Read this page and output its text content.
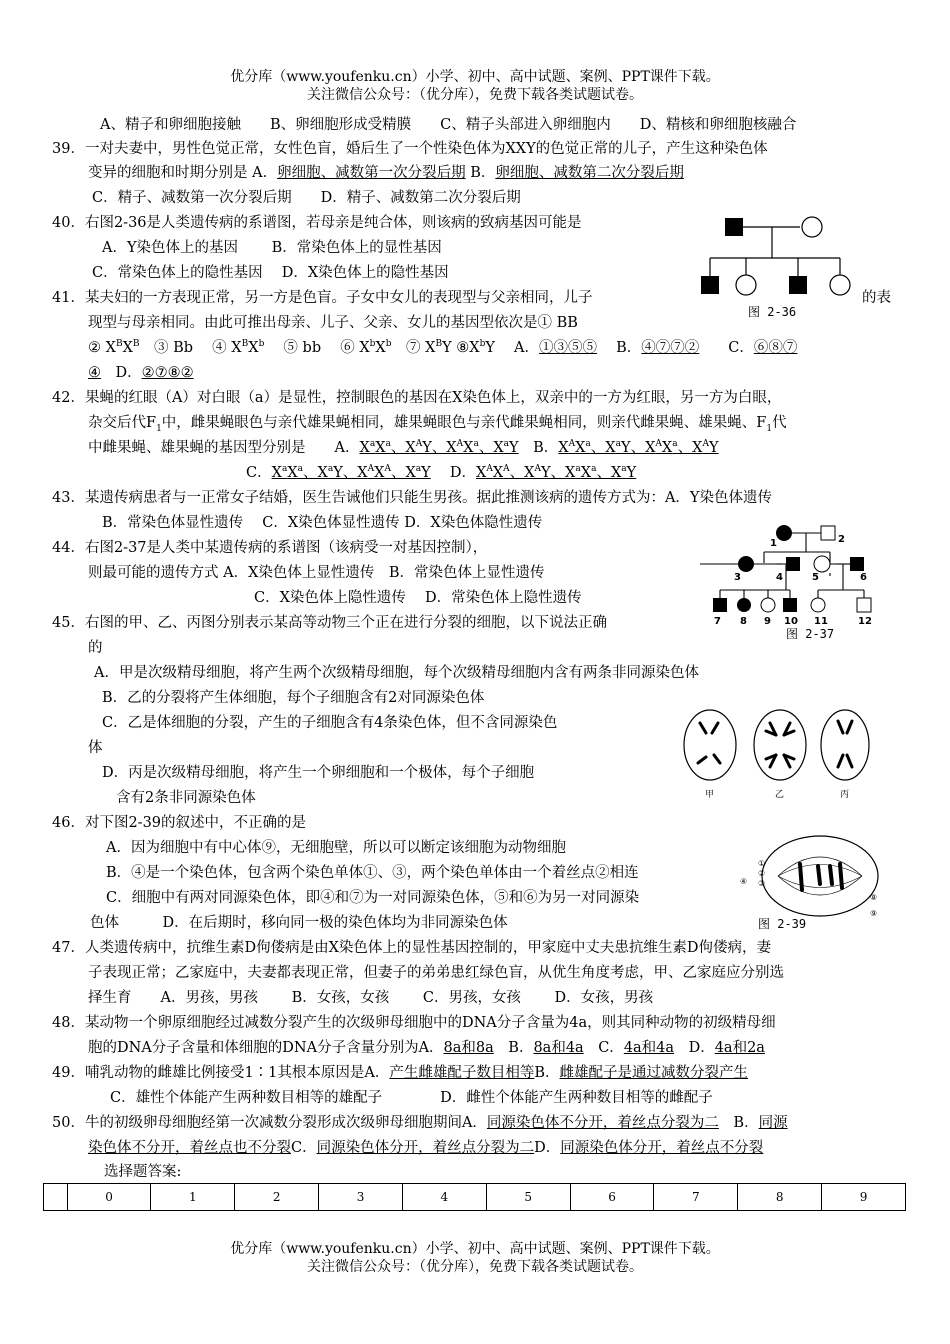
优分库（www.youfenku.cn）小学、初中、高中试题、案例、PPT课件下载。
关注微信公众号：（优分库），免费下载各类试题试卷。
A、精子和卵细胞接触　　B、卵细胞形成受精膜　　C、精子头部进入卵细胞内　　D、精核和卵细胞核融合
39．一对夫妻中，男性色觉正常，女性色盲，婚后生了一个性染色体为XXY的色觉正常的儿子，产生这种染色体
变异的细胞和时期分别是 A．卵细胞、减数第一次分裂后期 B．卵细胞、减数第二次分裂后期
C．精子、减数第一次分裂后期　　D．精子、减数第二次分裂后期
40．右图2-36是人类遗传病的系谱图，若母亲是纯合体，则该病的致病基因可能是
A．Y染色体上的基因　　 B．常染色体上的显性基因
C．常染色体上的隐性基因　 D．X染色体上的隐性基因
41．某夫妇的一方表现正常，另一方是色盲。子女中女儿的表现型与父亲相同，儿子	的表
现型与母亲相同。由此可推出母亲、儿子、父亲、女儿的基因型依次是① BB
② $X^BX^B$　③ Bb　 ④ $X^BX^b$　 ⑤ bb　 ⑥ $X^bX^b$　⑦ $X^BY$ $⑧X^bY$　 A．①③⑤⑤　 B．④⑦⑦②　　C．⑥⑧⑦
④　D．②⑦⑧②
42．果蝇的红眼（A）对白眼（a）是显性，控制眼色的基因在X染色体上，双亲中的一方为红眼，另一方为白眼，
杂交后代$F_1$中，雌果蝇眼色与亲代雄果蝇相同，雄果蝇眼色与亲代雌果蝇相同，则亲代雌果蝇、雄果蝇、$F_1$代
中雌果蝇、雄果蝇的基因型分别是　　A．$X^aX^a$、$X^AY$、$X^AX^a$、$X^aY$　B．$X^AX^a$、$X^aY$、$X^AX^a$、$X^AY$
C．$X^aX^a$、$X^aY$、$X^AX^A$、$X^aY$　 D．$X^AX^A$、$X^AY$、$X^aX^a$、$X^aY$
43．某遗传病患者与一正常女子结婚，医生告诫他们只能生男孩。据此推测该病的遗传方式为：A．Y染色体遗传
B．常染色体显性遗传　 C．X染色体显性遗传 D．X染色体隐性遗传
44．右图2-37是人类中某遗传病的系谱图（该病受一对基因控制），
则最可能的遗传方式 A．X染色体上显性遗传　B．常染色体上显性遗传
C．X染色体上隐性遗传　 D．常染色体上隐性遗传
45．右图的甲、乙、丙图分别表示某高等动物三个正在进行分裂的细胞，以下说法正确
的
A．甲是次级精母细胞，将产生两个次级精母细胞，每个次级精母细胞内含有两条非同源染色体
B．乙的分裂将产生体细胞，每个子细胞含有2对同源染色体
C．乙是体细胞的分裂，产生的子细胞含有4条染色体，但不含同源染色
体
D．丙是次级精母细胞，将产生一个卵细胞和一个极体，每个子细胞
含有2条非同源染色体
46．对下图2-39的叙述中，不正确的是
A．因为细胞中有中心体⑨，无细胞壁，所以可以断定该细胞为动物细胞
B．④是一个染色体，包含两个染色单体①、③，两个染色单体由一个着丝点②相连
C．细胞中有两对同源染色体，即④和⑦为一对同源染色体，⑤和⑥为另一对同源染
色体　　　D．在后期时，移向同一极的染色体均为非同源染色体
47．人类遗传病中，抗维生素D佝偻病是由X染色体上的显性基因控制的，甲家庭中丈夫患抗维生素D佝偻病，妻
子表现正常；乙家庭中，夫妻都表现正常，但妻子的弟弟患红绿色盲，从优生角度考虑，甲、乙家庭应分别选
择生育　　A．男孩，男孩　　 B．女孩，女孩　　 C．男孩，女孩　　 D．女孩，男孩
48．某动物一个卵原细胞经过减数分裂产生的次级卵母细胞中的DNA分子含量为4a，则其同种动物的初级精母细
胞的DNA分子含量和体细胞的DNA分子含量分别为A．8a和8a　 B．8a和4a　 C．4a和4a　 D．4a和2a
49．哺乳动物的雌雄比例接受1∶1其根本原因是A．产生雌雄配子数目相等B．雌雄配子是通过减数分裂产生
C．雄性个体能产生两种数目相等的雄配子　　　　D．雌性个体能产生两种数目相等的雌配子
50．牛的初级卵母细胞经第一次减数分裂形成次级卵母细胞期间A．同源染色体不分开，着丝点分裂为二　 B．同源
染色体不分开，着丝点也不分裂C．同源染色体分开，着丝点分裂为二D．同源染色体分开，着丝点不分裂
选择题答案:
图 2-36
1	2
3	4	5	6
7 8 9 10 11	12
图 2-37
甲	乙	丙
①
②
③
④
⑧
⑨
图 2-39
	0	1	2	3	4	5	6	7	8	9
优分库（www.youfenku.cn）小学、初中、高中试题、案例、PPT课件下载。
关注微信公众号：（优分库），免费下载各类试题试卷。
